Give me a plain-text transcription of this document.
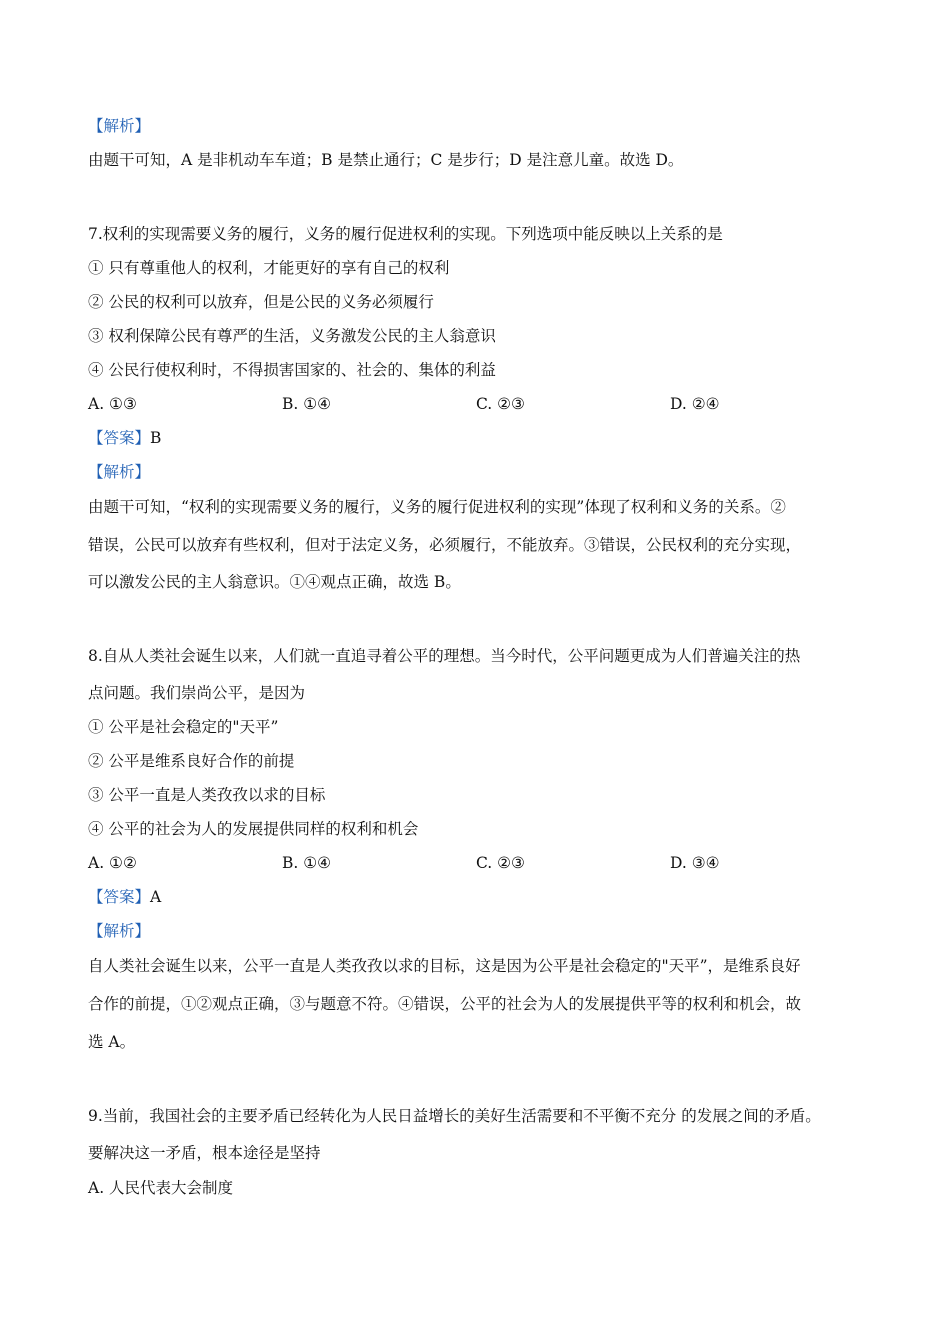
【解析】
由题干可知，A 是非机动车车道；B 是禁止通行；C 是步行；D 是注意儿童。故选 D。
7.权利的实现需要义务的履行，义务的履行促进权利的实现。下列选项中能反映以上关系的是
① 只有尊重他人的权利，才能更好的享有自己的权利
② 公民的权利可以放弃，但是公民的义务必须履行
③ 权利保障公民有尊严的生活，义务激发公民的主人翁意识
④ 公民行使权利时，不得损害国家的、社会的、集体的利益
A. ①③	B. ①④	C. ②③	D. ②④
【答案】B
【解析】
由题干可知，“权利的实现需要义务的履行，义务的履行促进权利的实现”体现了权利和义务的关系。②
错误，公民可以放弃有些权利，但对于法定义务，必须履行，不能放弃。③错误，公民权利的充分实现，
可以激发公民的主人翁意识。①④观点正确，故选 B。
8.自从人类社会诞生以来，人们就一直追寻着公平的理想。当今时代，公平问题更成为人们普遍关注的热
点问题。我们崇尚公平，是因为
① 公平是社会稳定的"天平”
② 公平是维系良好合作的前提
③ 公平一直是人类孜孜以求的目标
④ 公平的社会为人的发展提供同样的权利和机会
A. ①②	B. ①④	C. ②③	D. ③④
【答案】A
【解析】
自人类社会诞生以来，公平一直是人类孜孜以求的目标，这是因为公平是社会稳定的"天平”，是维系良好
合作的前提，①②观点正确，③与题意不符。④错误，公平的社会为人的发展提供平等的权利和机会，故
选 A。
9.当前，我国社会的主要矛盾已经转化为人民日益增长的美好生活需要和不平衡不充分 的发展之间的矛盾。
要解决这一矛盾，根本途径是坚持
A. 人民代表大会制度
